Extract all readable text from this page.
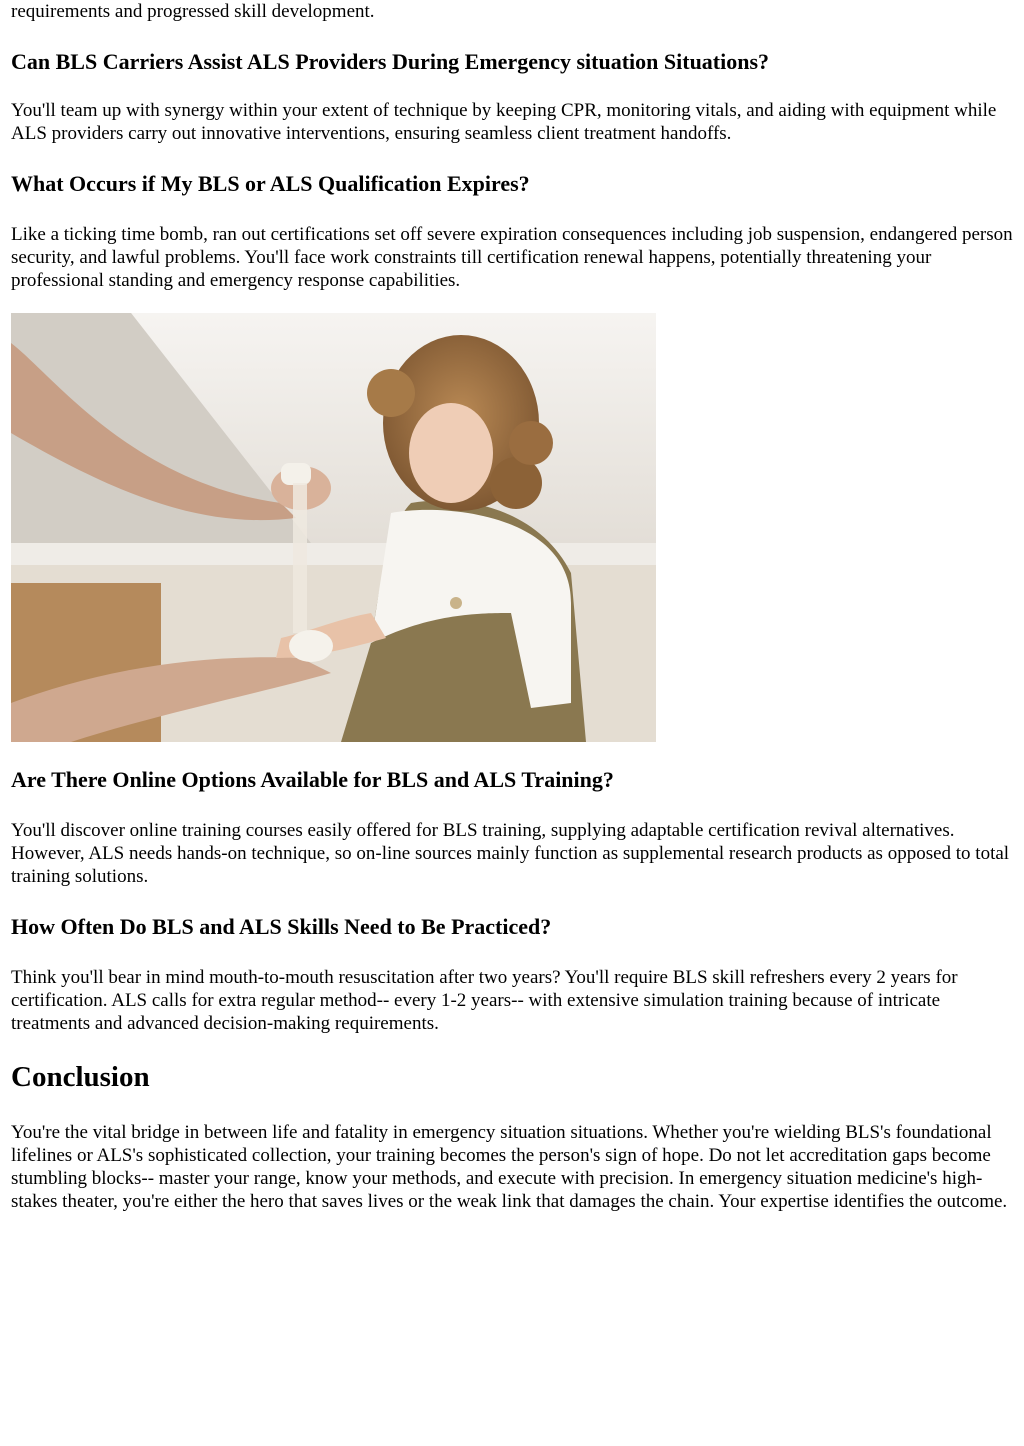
requirements and progressed skill development.

Can BLS Carriers Assist ALS Providers During Emergency situation Situations?

You'll team up with synergy within your extent of technique by keeping CPR, monitoring vitals, and aiding with equipment while ALS providers carry out innovative interventions, ensuring seamless client treatment handoffs.

What Occurs if My BLS or ALS Qualification Expires?

Like a ticking time bomb, ran out certifications set off severe expiration consequences including job suspension, endangered person security, and lawful problems. You'll face work constraints till certification renewal happens, potentially threatening your professional standing and emergency response capabilities.

Are There Online Options Available for BLS and ALS Training?

You'll discover online training courses easily offered for BLS training, supplying adaptable certification revival alternatives. However, ALS needs hands-on technique, so on-line sources mainly function as supplemental research products as opposed to total training solutions.

How Often Do BLS and ALS Skills Need to Be Practiced?

Think you'll bear in mind mouth-to-mouth resuscitation after two years? You'll require BLS skill refreshers every 2 years for certification. ALS calls for extra regular method-- every 1-2 years-- with extensive simulation training because of intricate treatments and advanced decision-making requirements.

Conclusion

You're the vital bridge in between life and fatality in emergency situation situations. Whether you're wielding BLS's foundational lifelines or ALS's sophisticated collection, your training becomes the person's sign of hope. Do not let accreditation gaps become stumbling blocks-- master your range, know your methods, and execute with precision. In emergency situation medicine's high-stakes theater, you're either the hero that saves lives or the weak link that damages the chain. Your expertise identifies the outcome.
